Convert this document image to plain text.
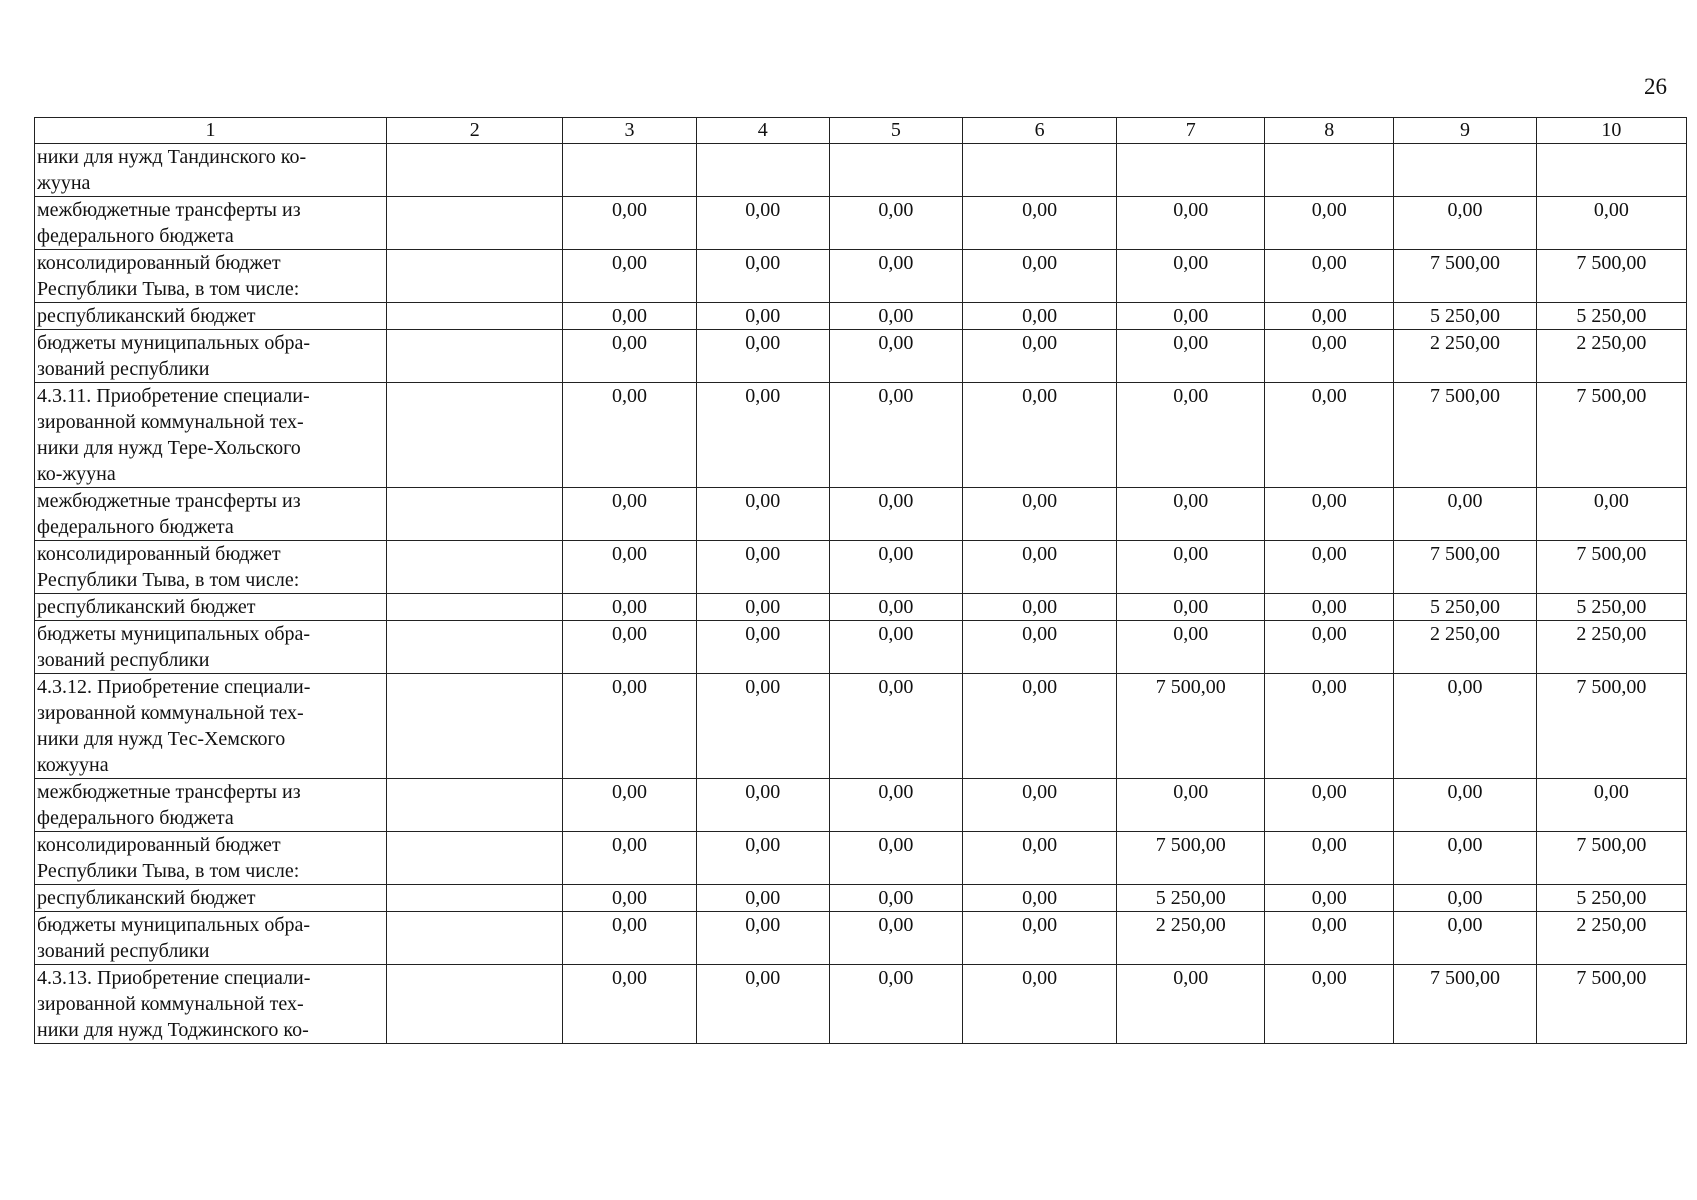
26
1	2	3	4	5	6	7	8	9	10

ники для нужд Тандинского ко-
жууна									

межбюджетные трансферты из
федерального бюджета		0,00	0,00	0,00	0,00	0,00	0,00	0,00	0,00

консолидированный бюджет
Республики Тыва, в том числе:		0,00	0,00	0,00	0,00	0,00	0,00	7 500,00	7 500,00

республиканский бюджет		0,00	0,00	0,00	0,00	0,00	0,00	5 250,00	5 250,00

бюджеты муниципальных обра-
зований республики		0,00	0,00	0,00	0,00	0,00	0,00	2 250,00	2 250,00

4.3.11. Приобретение специали-
зированной коммунальной тех-
ники для нужд Тере-Хольского
ко-жууна		0,00	0,00	0,00	0,00	0,00	0,00	7 500,00	7 500,00

межбюджетные трансферты из
федерального бюджета		0,00	0,00	0,00	0,00	0,00	0,00	0,00	0,00

консолидированный бюджет
Республики Тыва, в том числе:		0,00	0,00	0,00	0,00	0,00	0,00	7 500,00	7 500,00

республиканский бюджет		0,00	0,00	0,00	0,00	0,00	0,00	5 250,00	5 250,00

бюджеты муниципальных обра-
зований республики		0,00	0,00	0,00	0,00	0,00	0,00	2 250,00	2 250,00

4.3.12. Приобретение специали-
зированной коммунальной тех-
ники для нужд Тес-Хемского
кожууна		0,00	0,00	0,00	0,00	7 500,00	0,00	0,00	7 500,00

межбюджетные трансферты из
федерального бюджета		0,00	0,00	0,00	0,00	0,00	0,00	0,00	0,00

консолидированный бюджет
Республики Тыва, в том числе:		0,00	0,00	0,00	0,00	7 500,00	0,00	0,00	7 500,00

республиканский бюджет		0,00	0,00	0,00	0,00	5 250,00	0,00	0,00	5 250,00

бюджеты муниципальных обра-
зований республики		0,00	0,00	0,00	0,00	2 250,00	0,00	0,00	2 250,00

4.3.13. Приобретение специали-
зированной коммунальной тех-
ники для нужд Тоджинского ко-		0,00	0,00	0,00	0,00	0,00	0,00	7 500,00	7 500,00
